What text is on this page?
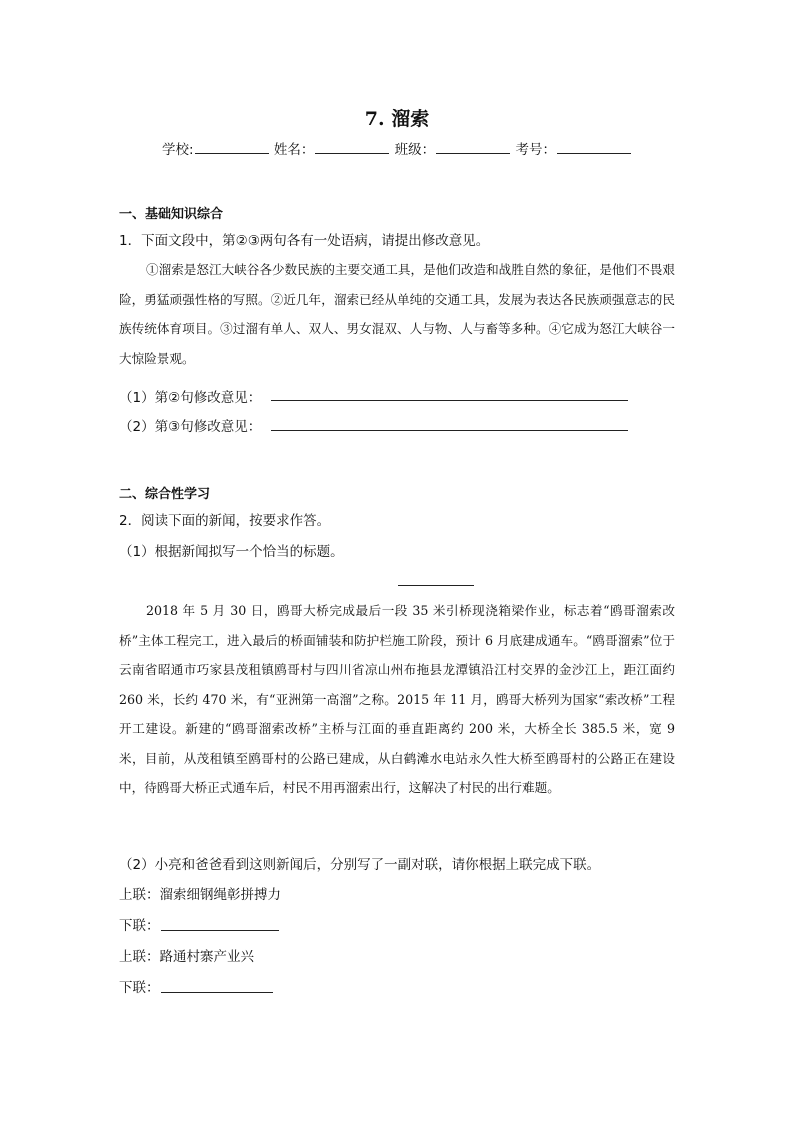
7. 溜索
学校:	姓名：	班级：	考号：
一、基础知识综合
1．下面文段中，第②③两句各有一处语病，请提出修改意见。
①溜索是怒江大峡谷各少数民族的主要交通工具，是他们改造和战胜自然的象征，是他们不畏艰险，勇猛顽强性格的写照。②近几年，溜索已经从单纯的交通工具，发展为表达各民族顽强意志的民族传统体育项目。③过溜有单人、双人、男女混双、人与物、人与畜等多种。④它成为怒江大峡谷一大惊险景观。
（1）第②句修改意见：
（2）第③句修改意见：
二、综合性学习
2．阅读下面的新闻，按要求作答。
（1）根据新闻拟写一个恰当的标题。
2018 年 5 月 30 日，鸥哥大桥完成最后一段 35 米引桥现浇箱梁作业，标志着“鸥哥溜索改桥”主体工程完工，进入最后的桥面铺装和防护栏施工阶段，预计 6 月底建成通车。“鸥哥溜索”位于云南省昭通市巧家县茂租镇鸥哥村与四川省凉山州布拖县龙潭镇沿江村交界的金沙江上，距江面约 260 米，长约 470 米，有“亚洲第一高溜”之称。2015 年 11 月，鸥哥大桥列为国家“索改桥”工程开工建设。新建的“鸥哥溜索改桥”主桥与江面的垂直距离约 200 米，大桥全长 385.5 米，宽 9 米，目前，从茂租镇至鸥哥村的公路已建成，从白鹤滩水电站永久性大桥至鸥哥村的公路正在建设中，待鸥哥大桥正式通车后，村民不用再溜索出行，这解决了村民的出行难题。
（2）小亮和爸爸看到这则新闻后，分别写了一副对联，请你根据上联完成下联。
上联：溜索细钢绳彰拼搏力
下联：
上联：路通村寨产业兴
下联：
